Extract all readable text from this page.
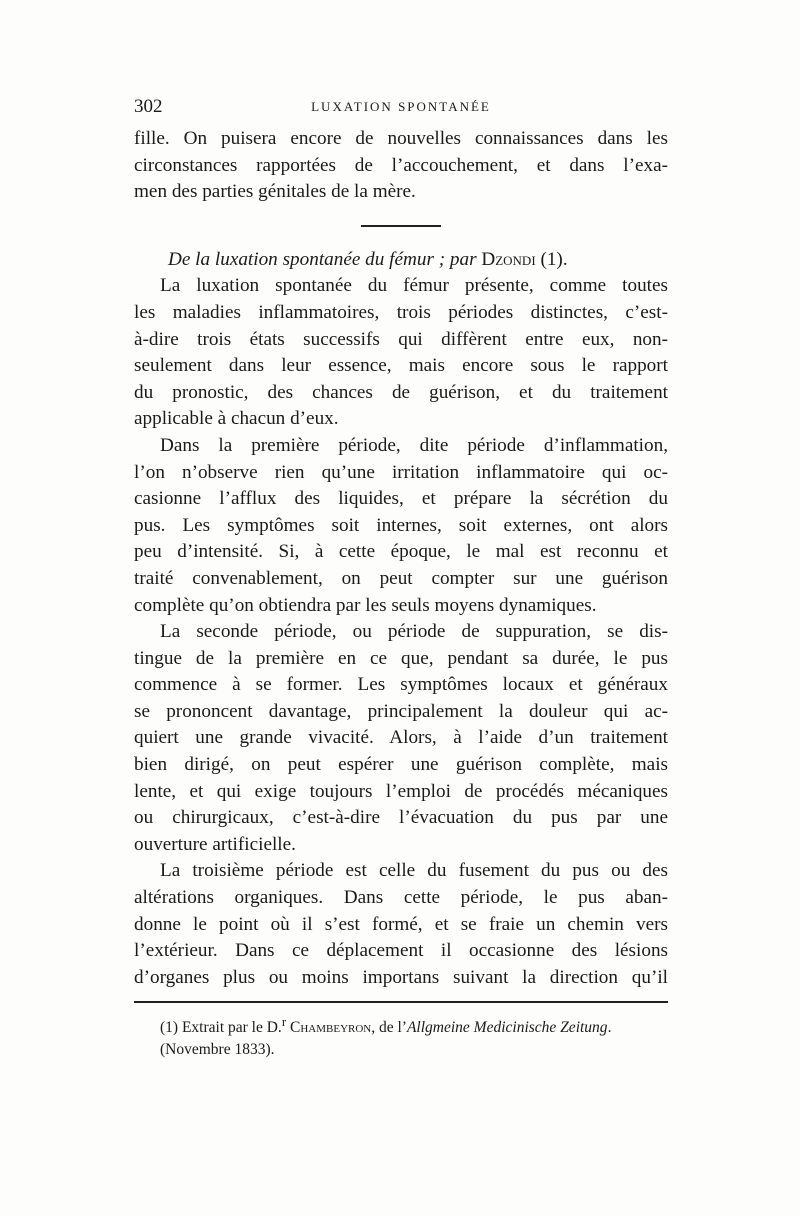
302	LUXATION SPONTANÉE
fille. On puisera encore de nouvelles connaissances dans les
circonstances rapportées de l’accouchement, et dans l’exa-
men des parties génitales de la mère.
De la luxation spontanée du fémur ; par Dzondi (1).
La luxation spontanée du fémur présente, comme toutes
les maladies inflammatoires, trois périodes distinctes, c’est-
à-dire trois états successifs qui diffèrent entre eux, non-
seulement dans leur essence, mais encore sous le rapport
du pronostic, des chances de guérison, et du traitement
applicable à chacun d’eux.
Dans la première période, dite période d’inflammation,
l’on n’observe rien qu’une irritation inflammatoire qui oc-
casionne l’afflux des liquides, et prépare la sécrétion du
pus. Les symptômes soit internes, soit externes, ont alors
peu d’intensité. Si, à cette époque, le mal est reconnu et
traité convenablement, on peut compter sur une guérison
complète qu’on obtiendra par les seuls moyens dynamiques.
La seconde période, ou période de suppuration, se dis-
tingue de la première en ce que, pendant sa durée, le pus
commence à se former. Les symptômes locaux et généraux
se prononcent davantage, principalement la douleur qui ac-
quiert une grande vivacité. Alors, à l’aide d’un traitement
bien dirigé, on peut espérer une guérison complète, mais
lente, et qui exige toujours l’emploi de procédés mécaniques
ou chirurgicaux, c’est-à-dire l’évacuation du pus par une
ouverture artificielle.
La troisième période est celle du fusement du pus ou des
altérations organiques. Dans cette période, le pus aban-
donne le point où il s’est formé, et se fraie un chemin vers
l’extérieur. Dans ce déplacement il occasionne des lésions
d’organes plus ou moins importans suivant la direction qu’il
(1) Extrait par le D.$^r$ Chambeyron, de l’Allgmeine Medicinische Zeitung. (Novembre 1833).
